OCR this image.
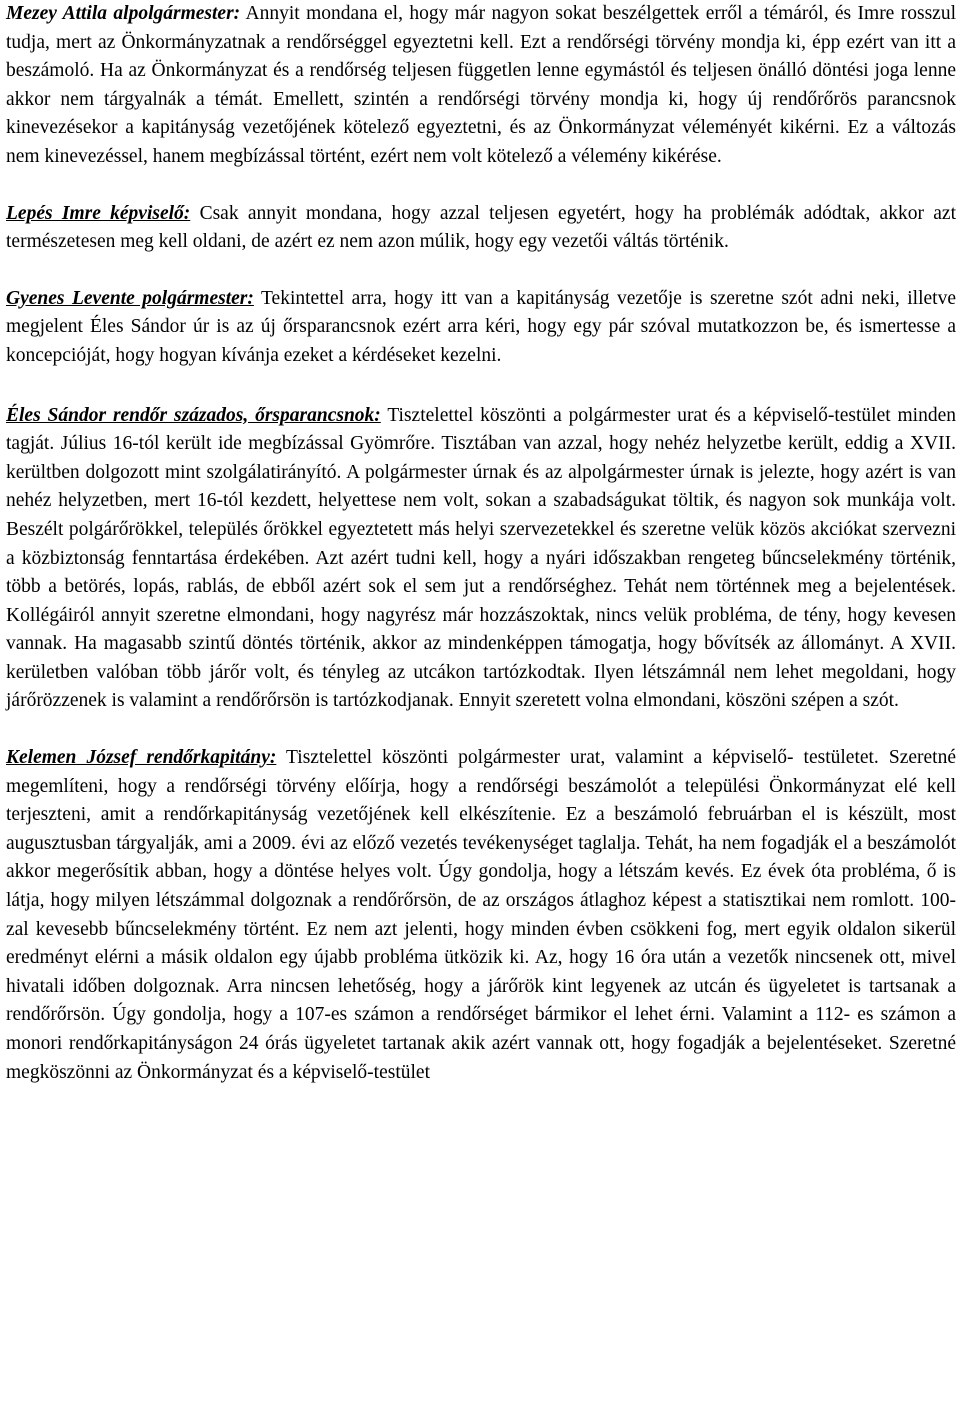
Mezey Attila alpolgármester: Annyit mondana el, hogy már nagyon sokat beszélgettek erről a témáról, és Imre rosszul tudja, mert az Önkormányzatnak a rendőrséggel egyeztetni kell. Ezt a rendőrségi törvény mondja ki, épp ezért van itt a beszámoló. Ha az Önkormányzat és a rendőrség teljesen független lenne egymástól és teljesen önálló döntési joga lenne akkor nem tárgyalnák a témát. Emellett, szintén a rendőrségi törvény mondja ki, hogy új rendőrőrös parancsnok kinevezésekor a kapitányság vezetőjének kötelező egyeztetni, és az Önkormányzat véleményét kikérni. Ez a változás nem kinevezéssel, hanem megbízással történt, ezért nem volt kötelező a vélemény kikérése.

Lepés Imre képviselő: Csak annyit mondana, hogy azzal teljesen egyetért, hogy ha problémák adódtak, akkor azt természetesen meg kell oldani, de azért ez nem azon múlik, hogy egy vezetői váltás történik.

Gyenes Levente polgármester: Tekintettel arra, hogy itt van a kapitányság vezetője is szeretne szót adni neki, illetve megjelent Éles Sándor úr is az új őrsparancsnok ezért arra kéri, hogy egy pár szóval mutatkozzon be, és ismertesse a koncepcióját, hogy hogyan kívánja ezeket a kérdéseket kezelni.

Éles Sándor rendőr százados, őrsparancsnok: Tisztelettel köszönti a polgármester urat és a képviselő-testület minden tagját. Július 16-tól került ide megbízással Gyömrőre. Tisztában van azzal, hogy nehéz helyzetbe került, eddig a XVII. kerültben dolgozott mint szolgálatirányító. A polgármester úrnak és az alpolgármester úrnak is jelezte, hogy azért is van nehéz helyzetben, mert 16-tól kezdett, helyettese nem volt, sokan a szabadságukat töltik, és nagyon sok munkája volt. Beszélt polgárőrökkel, település őrökkel egyeztetett más helyi szervezetekkel és szeretne velük közös akciókat szervezni a közbiztonság fenntartása érdekében. Azt azért tudni kell, hogy a nyári időszakban rengeteg bűncselekmény történik, több a betörés, lopás, rablás, de ebből azért sok el sem jut a rendőrséghez. Tehát nem történnek meg a bejelentések. Kollégáiról annyit szeretne elmondani, hogy nagyrész már hozzászoktak, nincs velük probléma, de tény, hogy kevesen vannak. Ha magasabb szintű döntés történik, akkor az mindenképpen támogatja, hogy bővítsék az állományt. A XVII. kerületben valóban több járőr volt, és tényleg az utcákon tartózkodtak. Ilyen létszámnál nem lehet megoldani, hogy járőrözzenek is valamint a rendőrőrsön is tartózkodjanak. Ennyit szeretett volna elmondani, köszöni szépen a szót.

Kelemen József rendőrkapitány: Tisztelettel köszönti polgármester urat, valamint a képviselő- testületet. Szeretné megemlíteni, hogy a rendőrségi törvény előírja, hogy a rendőrségi beszámolót a települési Önkormányzat elé kell terjeszteni, amit a rendőrkapitányság vezetőjének kell elkészítenie. Ez a beszámoló februárban el is készült, most augusztusban tárgyalják, ami a 2009. évi az előző vezetés tevékenységet taglalja. Tehát, ha nem fogadják el a beszámolót akkor megerősítik abban, hogy a döntése helyes volt. Úgy gondolja, hogy a létszám kevés. Ez évek óta probléma, ő is látja, hogy milyen létszámmal dolgoznak a rendőrőrsön, de az országos átlaghoz képest a statisztikai nem romlott. 100-zal kevesebb bűncselekmény történt. Ez nem azt jelenti, hogy minden évben csökkeni fog, mert egyik oldalon sikerül eredményt elérni a másik oldalon egy újabb probléma ütközik ki. Az, hogy 16 óra után a vezetők nincsenek ott, mivel hivatali időben dolgoznak. Arra nincsen lehetőség, hogy a járőrök kint legyenek az utcán és ügyeletet is tartsanak a rendőrőrsön. Úgy gondolja, hogy a 107-es számon a rendőrséget bármikor el lehet érni. Valamint a 112- es számon a monori rendőrkapitányságon 24 órás ügyeletet tartanak akik azért vannak ott, hogy fogadják a bejelentéseket. Szeretné megköszönni az Önkormányzat és a képviselő-testület
